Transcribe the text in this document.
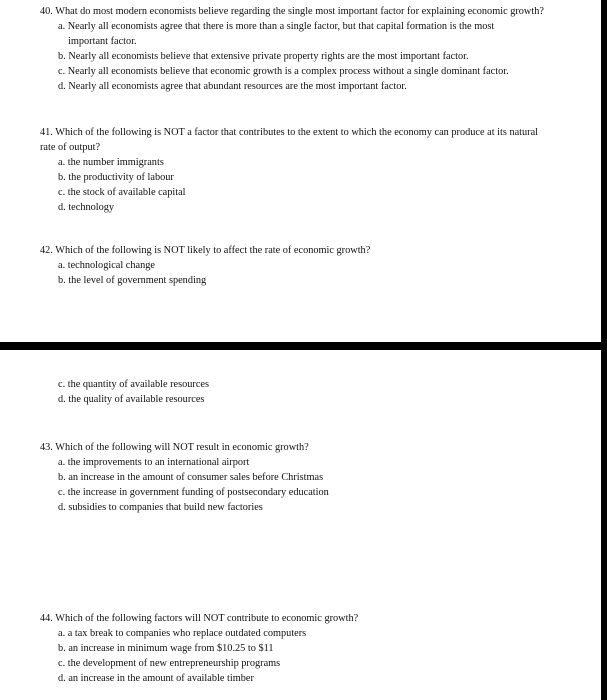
40. What do most modern economists believe regarding the single most important factor for explaining economic growth?

a. Nearly all economists agree that there is more than a single factor, but that capital formation is the most
important factor.

b. Nearly all economists believe that extensive private property rights are the most important factor.

c. Nearly all economists believe that economic growth is a complex process without a single dominant factor.

d. Nearly all economists agree that abundant resources are the most important factor.

41. Which of the following is NOT a factor that contributes to the extent to which the economy can produce at its natural
rate of output?

a. the number immigrants

b. the productivity of labour

c. the stock of available capital

d. technology

42. Which of the following is NOT likely to affect the rate of economic growth?

a. technological change

b. the level of government spending

c. the quantity of available resources

d. the quality of available resources

43. Which of the following will NOT result in economic growth?

a. the improvements to an international airport

b. an increase in the amount of consumer sales before Christmas

c. the increase in government funding of postsecondary education

d. subsidies to companies that build new factories

44. Which of the following factors will NOT contribute to economic growth?

a. a tax break to companies who replace outdated computers

b. an increase in minimum wage from $10.25 to $11

c. the development of new entrepreneurship programs

d. an increase in the amount of available timber
